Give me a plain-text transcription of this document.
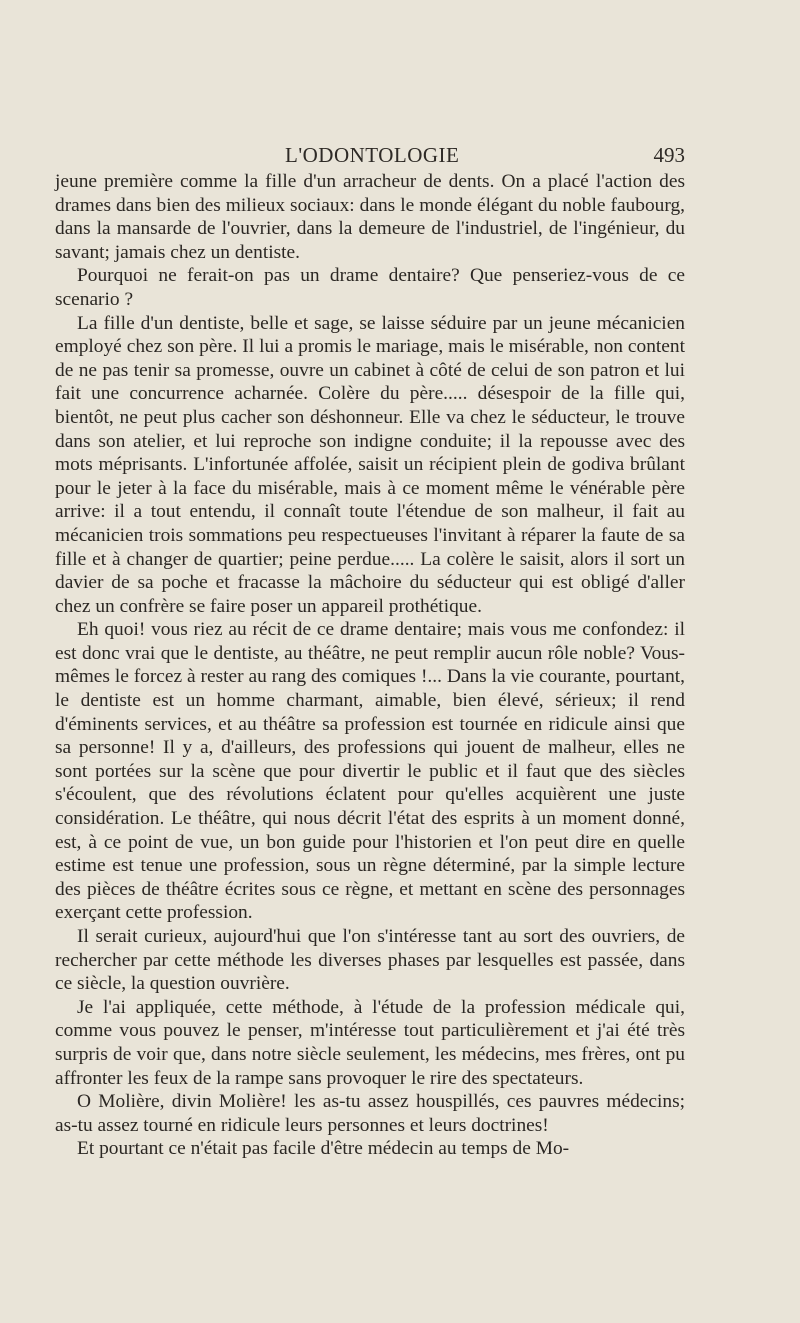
L'ODONTOLOGIE	493

jeune première comme la fille d'un arracheur de dents. On a placé l'action des drames dans bien des milieux sociaux: dans le monde élégant du noble faubourg, dans la mansarde de l'ouvrier, dans la demeure de l'industriel, de l'ingénieur, du savant; jamais chez un dentiste.

Pourquoi ne ferait-on pas un drame dentaire? Que penseriez-vous de ce scenario ?

La fille d'un dentiste, belle et sage, se laisse séduire par un jeune mécanicien employé chez son père. Il lui a promis le mariage, mais le misérable, non content de ne pas tenir sa promesse, ouvre un cabinet à côté de celui de son patron et lui fait une concurrence acharnée. Colère du père..... désespoir de la fille qui, bientôt, ne peut plus cacher son déshonneur. Elle va chez le séducteur, le trouve dans son atelier, et lui reproche son indigne conduite; il la repousse avec des mots méprisants. L'infortunée affolée, saisit un récipient plein de godiva brûlant pour le jeter à la face du misérable, mais à ce moment même le vénérable père arrive: il a tout entendu, il connaît toute l'étendue de son malheur, il fait au mécanicien trois sommations peu respectueuses l'invitant à réparer la faute de sa fille et à changer de quartier; peine perdue..... La colère le saisit, alors il sort un davier de sa poche et fracasse la mâchoire du séducteur qui est obligé d'aller chez un confrère se faire poser un appareil prothétique.

Eh quoi! vous riez au récit de ce drame dentaire; mais vous me confondez: il est donc vrai que le dentiste, au théâtre, ne peut remplir aucun rôle noble? Vous-mêmes le forcez à rester au rang des comiques !... Dans la vie courante, pourtant, le dentiste est un homme charmant, aimable, bien élevé, sérieux; il rend d'éminents services, et au théâtre sa profession est tournée en ridicule ainsi que sa personne! Il y a, d'ailleurs, des professions qui jouent de malheur, elles ne sont portées sur la scène que pour divertir le public et il faut que des siècles s'écoulent, que des révolutions éclatent pour qu'elles acquièrent une juste considération. Le théâtre, qui nous décrit l'état des esprits à un moment donné, est, à ce point de vue, un bon guide pour l'historien et l'on peut dire en quelle estime est tenue une profession, sous un règne déterminé, par la simple lecture des pièces de théâtre écrites sous ce règne, et mettant en scène des personnages exerçant cette profession.

Il serait curieux, aujourd'hui que l'on s'intéresse tant au sort des ouvriers, de rechercher par cette méthode les diverses phases par lesquelles est passée, dans ce siècle, la question ouvrière.

Je l'ai appliquée, cette méthode, à l'étude de la profession médicale qui, comme vous pouvez le penser, m'intéresse tout particulièrement et j'ai été très surpris de voir que, dans notre siècle seulement, les médecins, mes frères, ont pu affronter les feux de la rampe sans provoquer le rire des spectateurs.

O Molière, divin Molière! les as-tu assez houspillés, ces pauvres médecins; as-tu assez tourné en ridicule leurs personnes et leurs doctrines!

Et pourtant ce n'était pas facile d'être médecin au temps de Mo-
